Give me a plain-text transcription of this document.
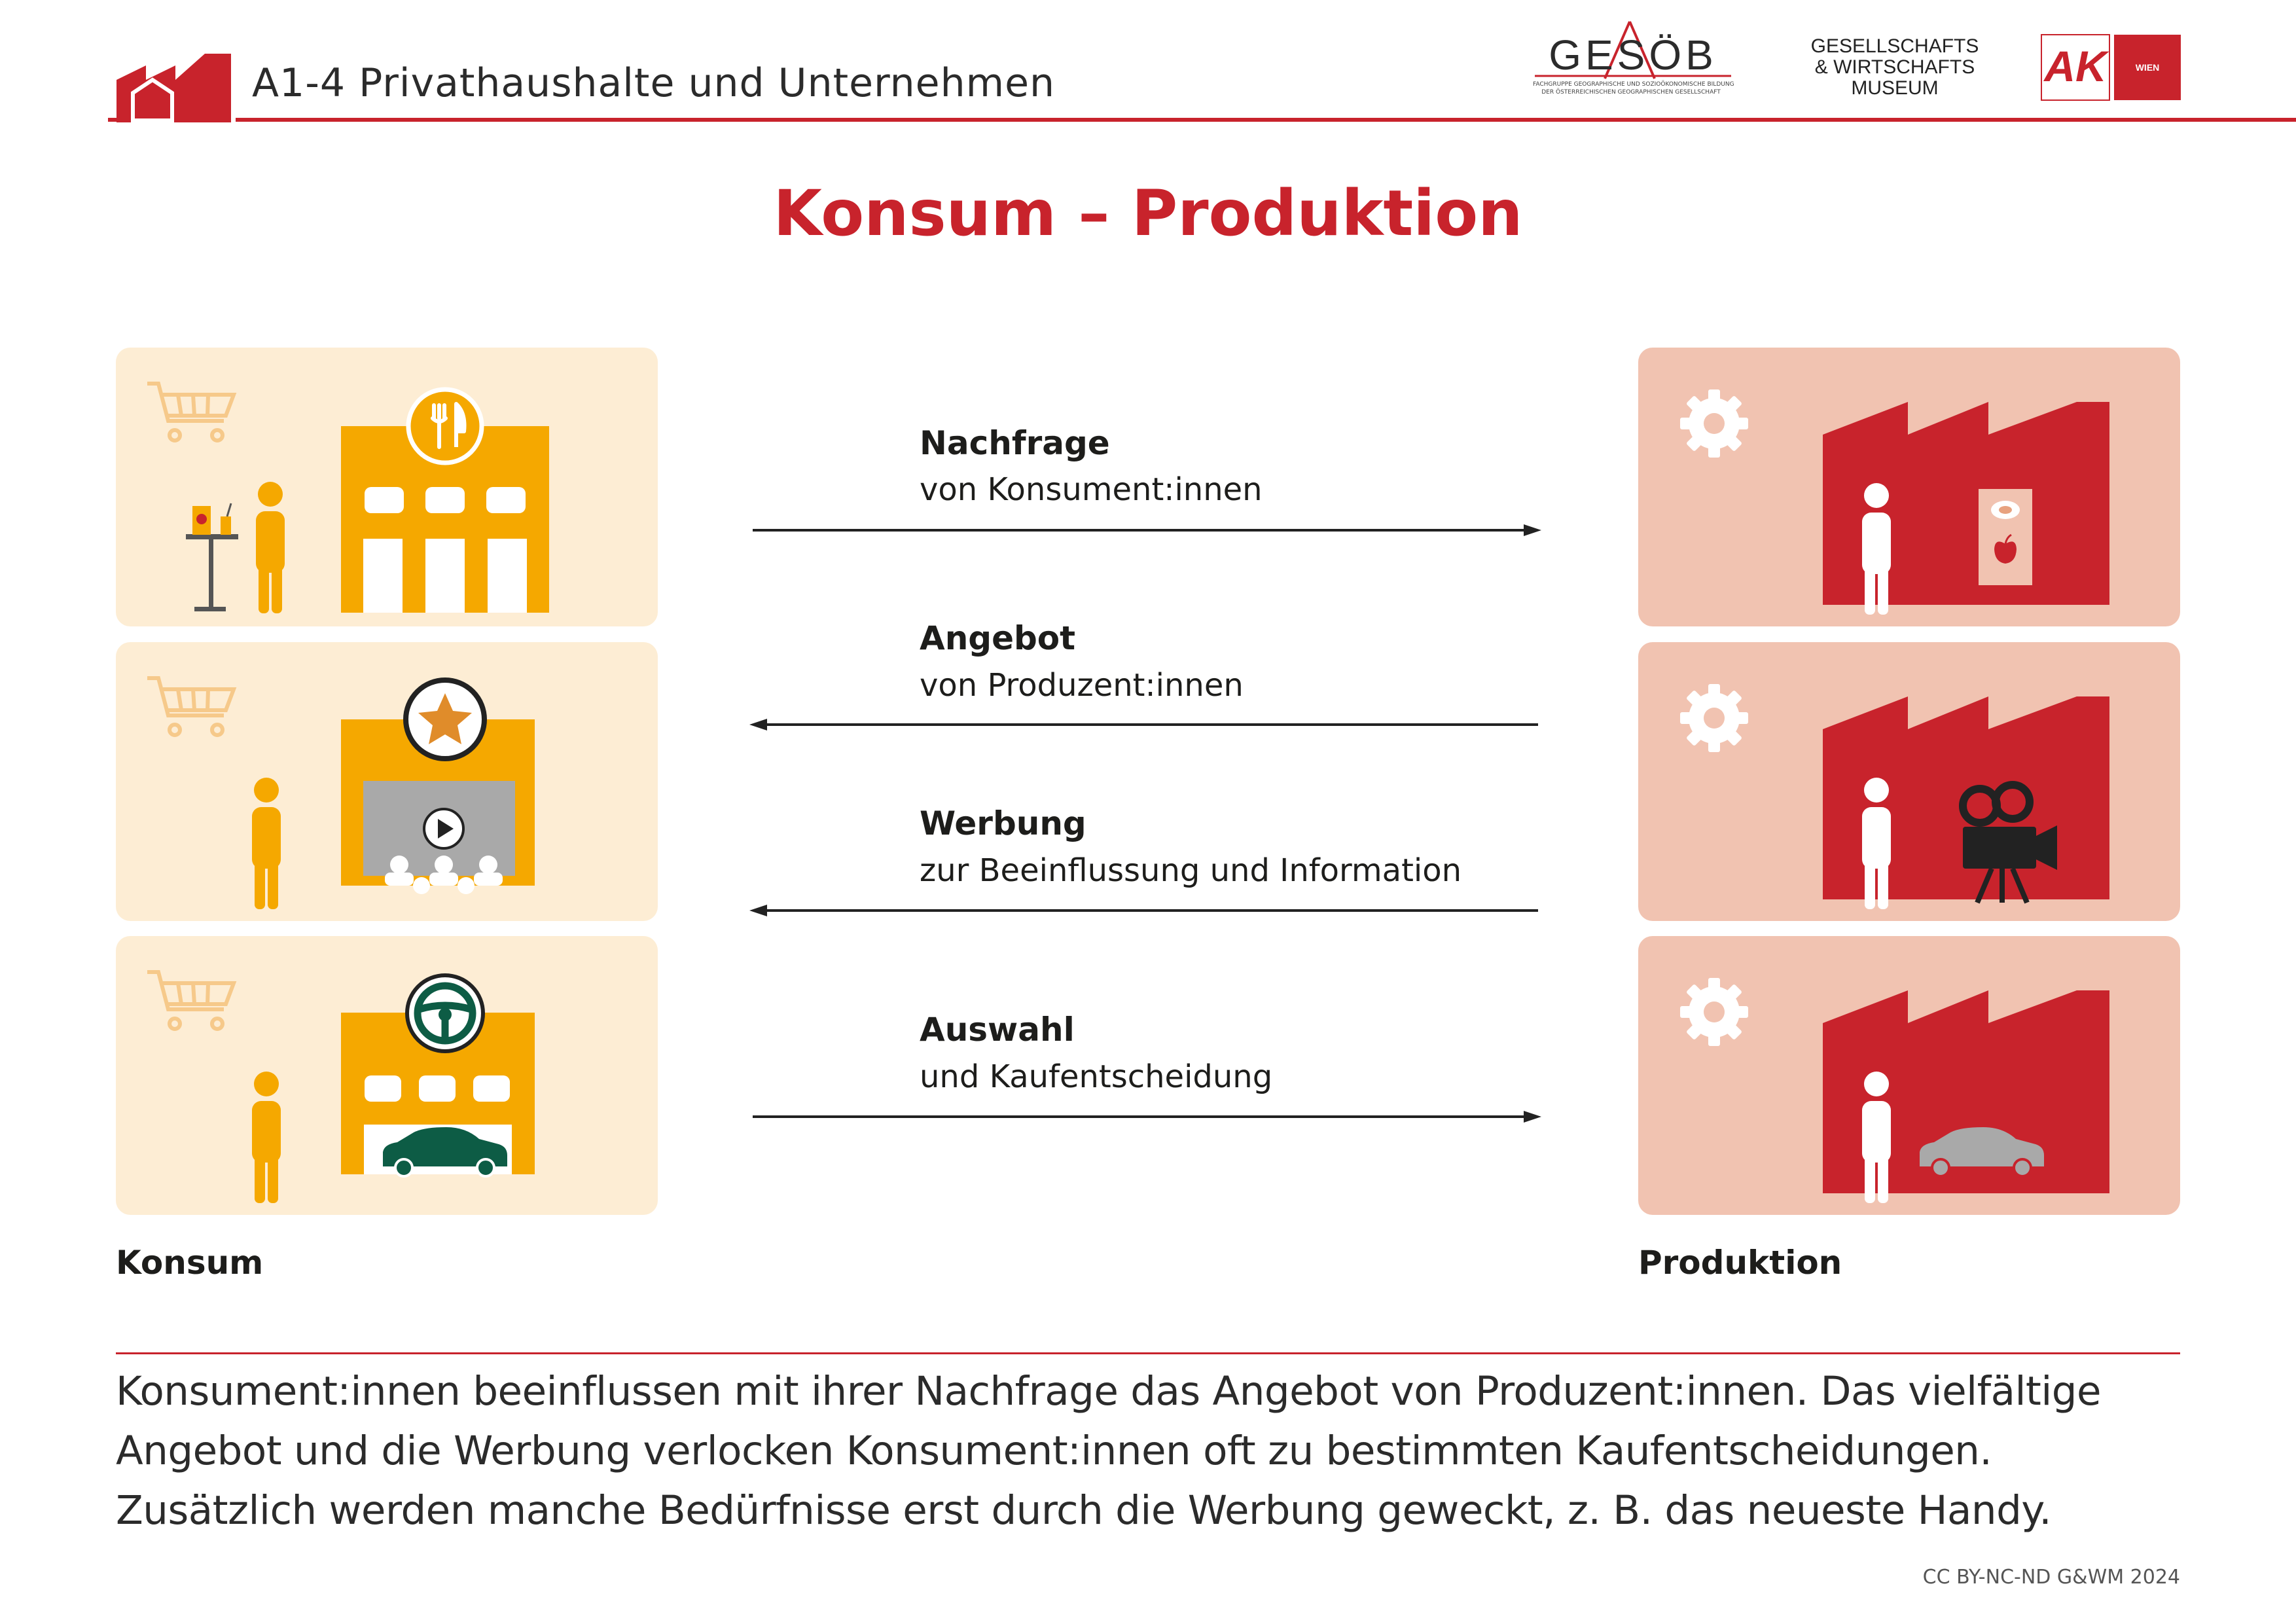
A1-4 Privathaushalte und Unternehmen
GESÖB
FACHGRUPPE GEOGRAPHISCHE UND SOZIOÖKONOMISCHE BILDUNG
DER ÖSTERREICHISCHEN GEOGRAPHISCHEN GESELLSCHAFT
GESELLSCHAFTS
& WIRTSCHAFTS
MUSEUM	AK	WIEN
Konsum – Produktion
Nachfrage
von Konsument:innen
Angebot
von Produzent:innen
Werbung
zur Beeinflussung und Information
Auswahl
und Kaufentscheidung
Konsum	Produktion
Konsument:innen beeinflussen mit ihrer Nachfrage das Angebot von Produzent:innen. Das vielfältige
Angebot und die Werbung verlocken Konsument:innen oft zu bestimmten Kaufentscheidungen.
Zusätzlich werden manche Bedürfnisse erst durch die Werbung geweckt, z. B. das neueste Handy.
CC BY-NC-ND G&WM 2024
